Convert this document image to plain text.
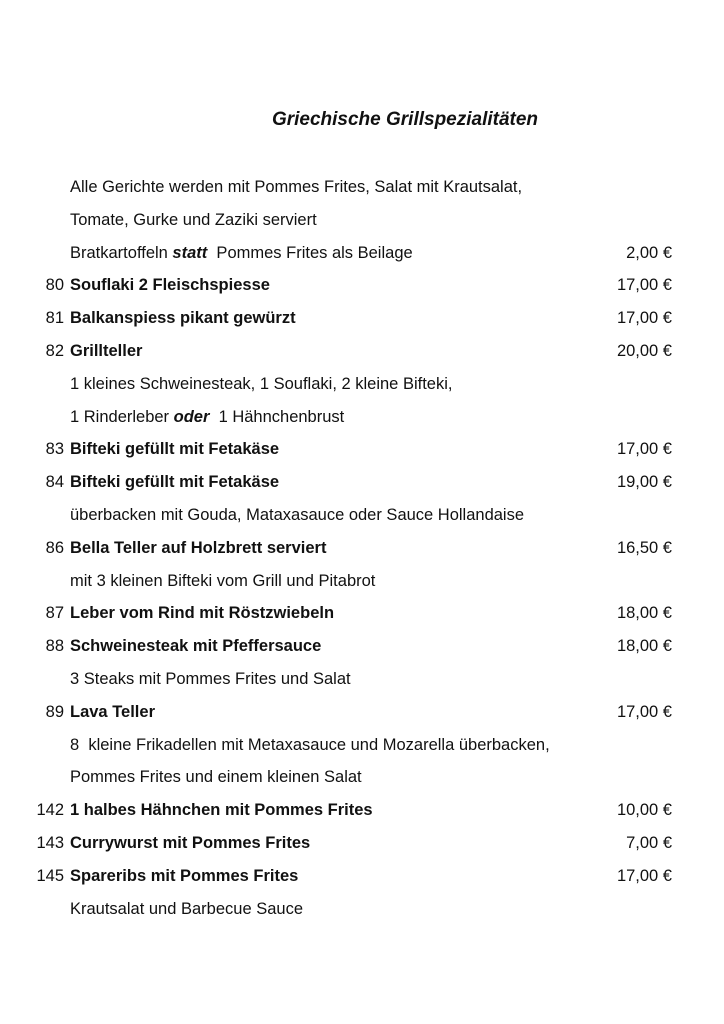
Griechische Grillspezialitäten
Alle Gerichte werden mit Pommes Frites, Salat mit Krautsalat,
Tomate, Gurke und Zaziki serviert
Bratkartoffeln statt  Pommes Frites als Beilage	2,00 €
80 Souflaki 2 Fleischspiesse	17,00 €
81 Balkanspiess pikant gewürzt	17,00 €
82 Grillteller	20,00 €
1 kleines Schweinesteak, 1 Souflaki, 2 kleine Bifteki,
1 Rinderleber oder  1 Hähnchenbrust
83 Bifteki gefüllt mit Fetakäse	17,00 €
84 Bifteki gefüllt mit Fetakäse	19,00 €
überbacken mit Gouda, Mataxasauce oder Sauce Hollandaise
86 Bella Teller auf Holzbrett serviert	16,50 €
mit 3 kleinen Bifteki vom Grill und Pitabrot
87 Leber vom Rind mit Röstzwiebeln	18,00 €
88 Schweinesteak mit Pfeffersauce	18,00 €
3 Steaks mit Pommes Frites und Salat
89 Lava Teller	17,00 €
8  kleine Frikadellen mit Metaxasauce und Mozarella überbacken,
Pommes Frites und einem kleinen Salat
142 1 halbes Hähnchen mit Pommes Frites	10,00 €
143 Currywurst mit Pommes Frites	7,00 €
145 Spareribs mit Pommes Frites	17,00 €
Krautsalat und Barbecue Sauce
